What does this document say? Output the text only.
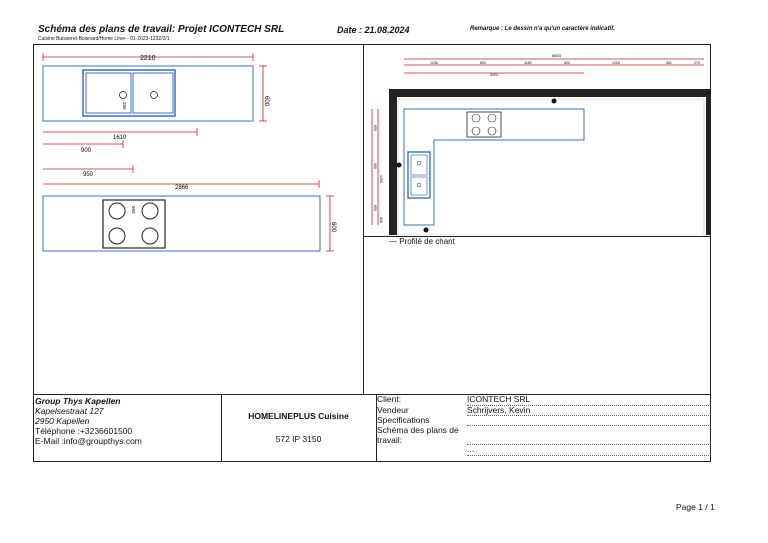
Schéma des plans de travail: Projet ICONTECH SRL
Cuisine Buisseret-Boisnard/Home Line• - 01-2023-1232/2/1
Date : 21.08.2024	Remarque : Le dessin n'a qu'un caractère indicatif.
2210
600
1610
900
250
950
2866
560
600
5803
1236	800	1180	500	1226	461	270
3004
850
900
1200
600
500
— Profilé de chant
Group Thys Kapellen
Kapelsestraat 127
2950 Kapellen
Téléphone :+3236601500
E-Mail :info@groupthys.com
HOMELINEPLUS Cuisine
572 IP 3150
Client:	ICONTECH SRL
Vendeur	Schrijvers, Kevin
Specifications
Schéma des plans de travail:
...
Page 1 / 1
